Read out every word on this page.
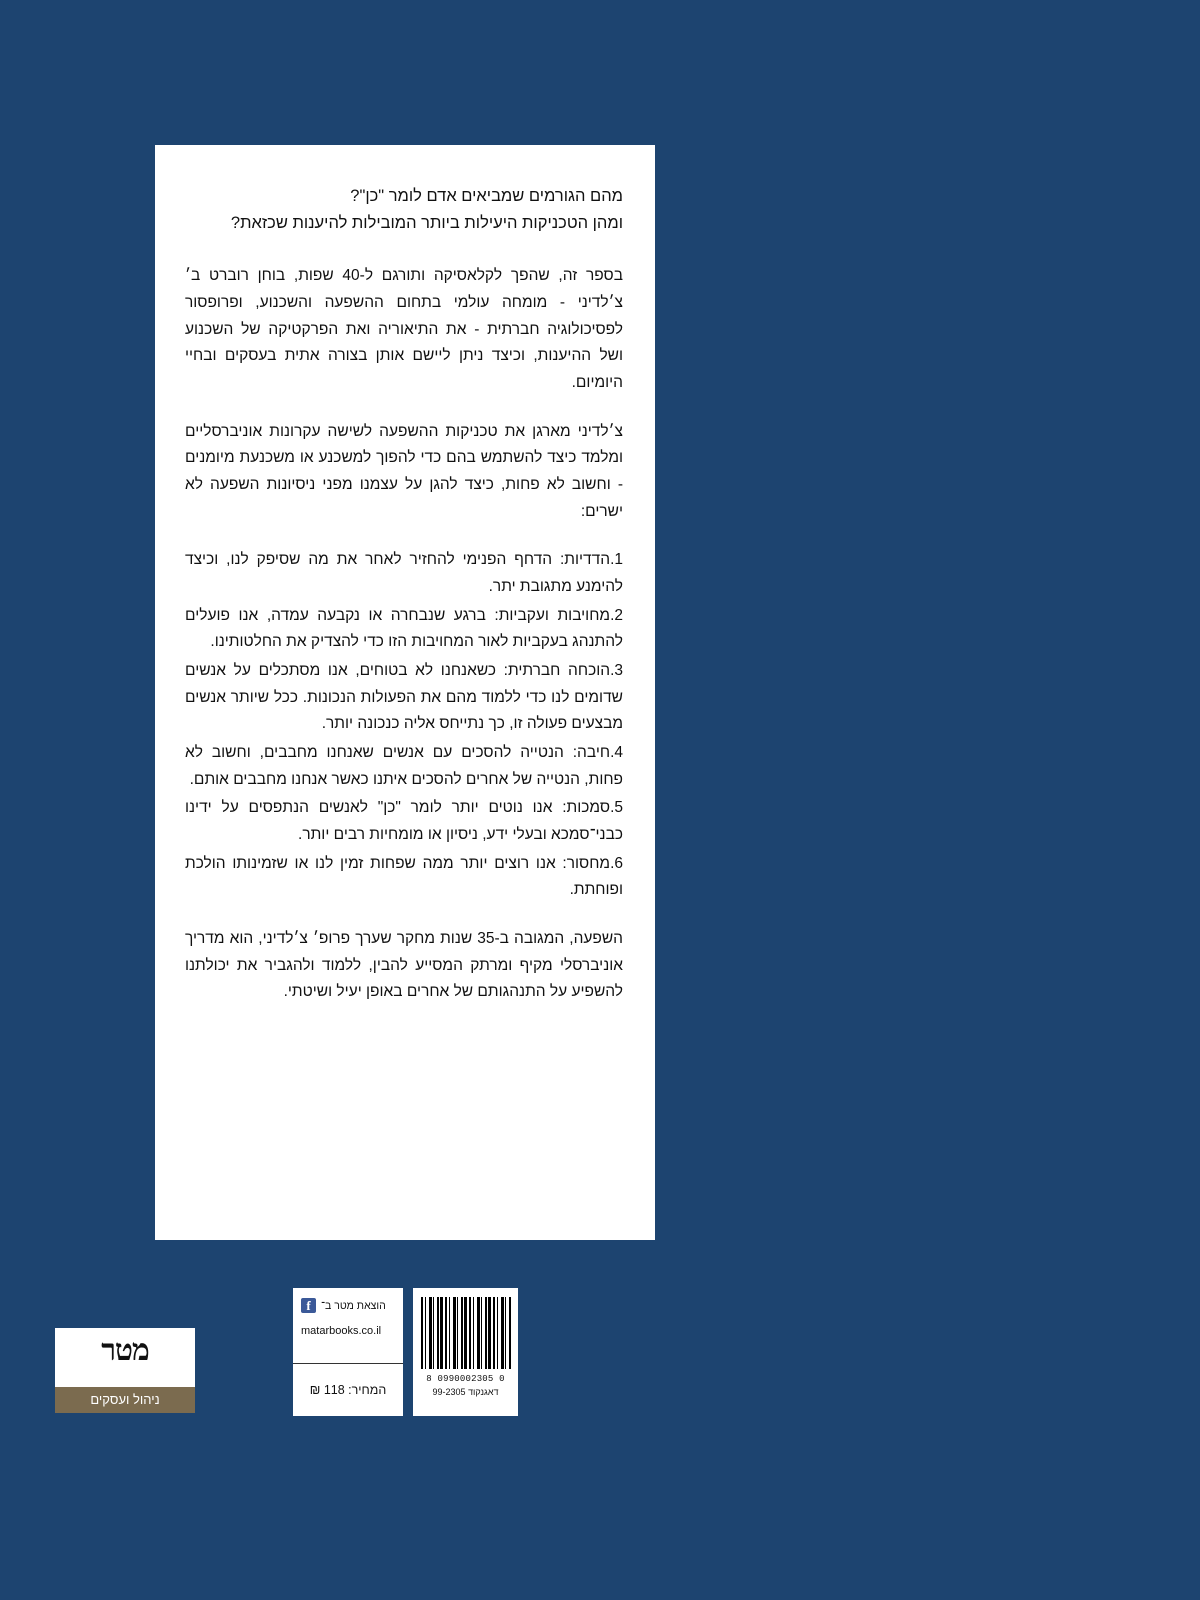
מהם הגורמים שמביאים אדם לומר "כן"?
ומהן הטכניקות היעילות ביותר המובילות להיענות שכזאת?

בספר זה, שהפך לקלאסיקה ותורגם ל-40 שפות, בוחן רוברט ב׳ צ׳לדיני - מומחה עולמי בתחום ההשפעה והשכנוע, ופרופסור לפסיכולוגיה חברתית - את התיאוריה ואת הפרקטיקה של השכנוע ושל ההיענות, וכיצד ניתן ליישם אותן בצורה אתית בעסקים ובחיי היומיום.

צ׳לדיני מארגן את טכניקות ההשפעה לשישה עקרונות אוניברסליים ומלמד כיצד להשתמש בהם כדי להפוך למשכנע או משכנעת מיומנים - וחשוב לא פחות, כיצד להגן על עצמנו מפני ניסיונות השפעה לא ישרים:

1.הדדיות: הדחף הפנימי להחזיר לאחר את מה שסיפק לנו, וכיצד להימנע מתגובת יתר.
2.מחויבות ועקביות: ברגע שנבחרה או נקבעה עמדה, אנו פועלים להתנהג בעקביות לאור המחויבות הזו כדי להצדיק את החלטותינו.
3.הוכחה חברתית: כשאנחנו לא בטוחים, אנו מסתכלים על אנשים שדומים לנו כדי ללמוד מהם את הפעולות הנכונות. ככל שיותר אנשים מבצעים פעולה זו, כך נתייחס אליה כנכונה יותר.
4.חיבה: הנטייה להסכים עם אנשים שאנחנו מחבבים, וחשוב לא פחות, הנטייה של אחרים להסכים איתנו כאשר אנחנו מחבבים אותם.
5.סמכות: אנו נוטים יותר לומר "כן" לאנשים הנתפסים על ידינו כבני־סמכא ובעלי ידע, ניסיון או מומחיות רבים יותר.
6.מחסור: אנו רוצים יותר ממה שפחות זמין לנו או שזמינותו הולכת ופוחתת.

השפעה, המגובה ב-35 שנות מחקר שערך פרופ׳ צ׳לדיני, הוא מדריך אוניברסלי מקיף ומרתק המסייע להבין, ללמוד ולהגביר את יכולתנו להשפיע על התנהגותם של אחרים באופן יעיל ושיטתי.

מטר
ניהול ועסקים
f הוצאת מטר ב־
matarbooks.co.il
המחיר: 118 ₪
0 0990002305 8
דאגנקוד 99-2305
